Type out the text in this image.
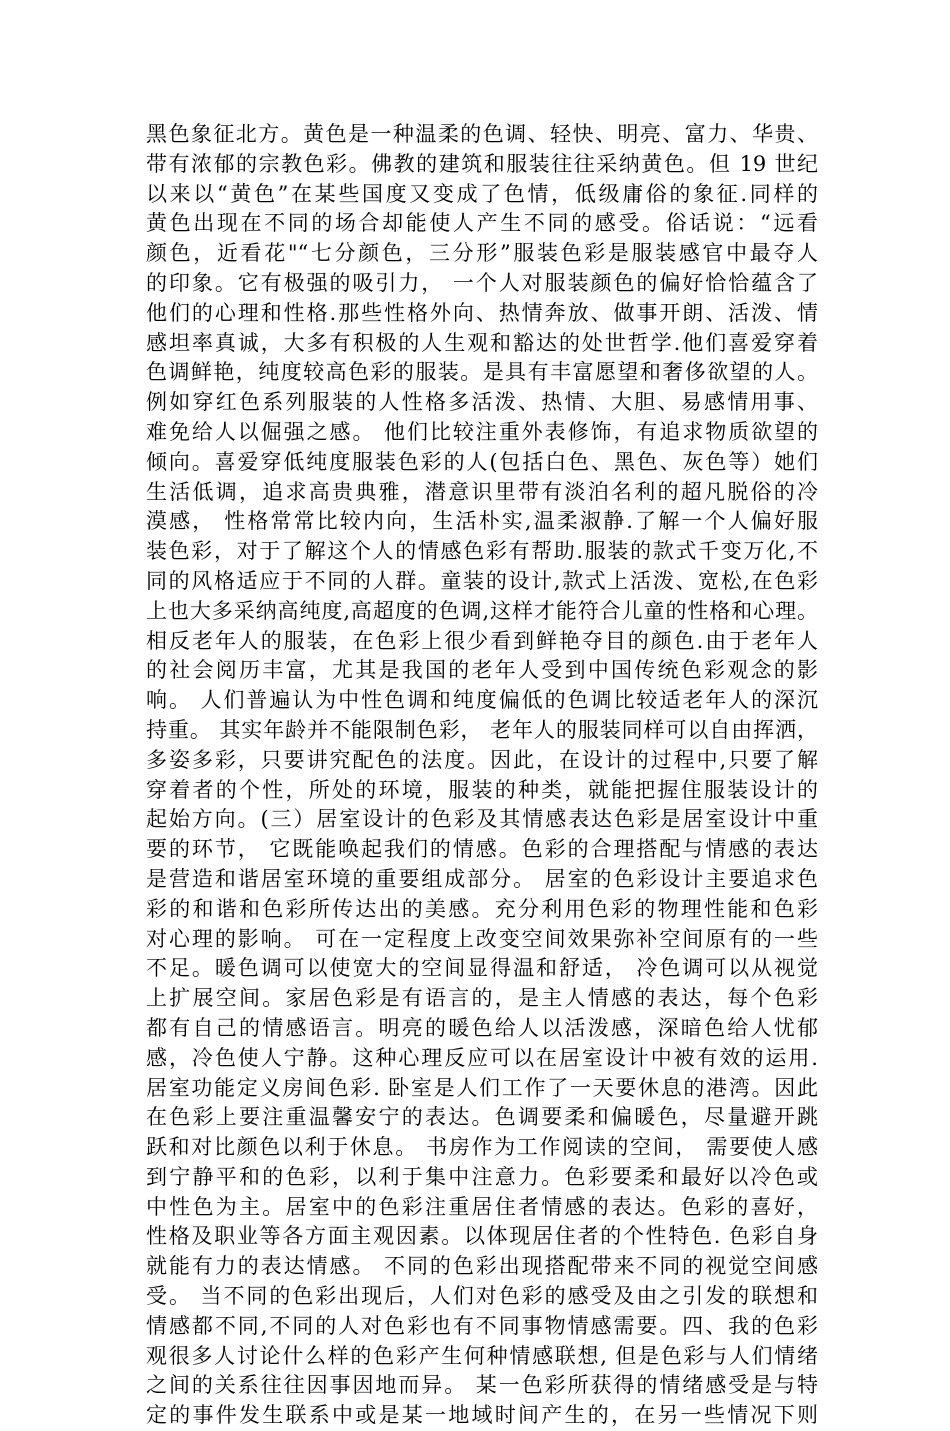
黑色象征北方。黄色是一种温柔的色调、轻快、明亮、富力、华贵、
带有浓郁的宗教色彩。佛教的建筑和服装往往采纳黄色。但 19 世纪
以来以“黄色”在某些国度又变成了色情，低级庸俗的象征.同样的
黄色出现在不同的场合却能使人产生不同的感受。俗话说：“远看
颜色，近看花"“七分颜色，三分形”服装色彩是服装感官中最夺人
的印象。它有极强的吸引力， 一个人对服装颜色的偏好恰恰蕴含了
他们的心理和性格.那些性格外向、热情奔放、做事开朗、活泼、情
感坦率真诚，大多有积极的人生观和豁达的处世哲学.他们喜爱穿着
色调鲜艳，纯度较高色彩的服装。是具有丰富愿望和奢侈欲望的人。
例如穿红色系列服装的人性格多活泼、热情、大胆、易感情用事、
难免给人以倔强之感。 他们比较注重外表修饰，有追求物质欲望的
倾向。喜爱穿低纯度服装色彩的人(包括白色、黑色、灰色等）她们
生活低调，追求高贵典雅，潜意识里带有淡泊名利的超凡脱俗的冷
漠感， 性格常常比较内向，生活朴实,温柔淑静.了解一个人偏好服
装色彩，对于了解这个人的情感色彩有帮助.服装的款式千变万化,不
同的风格适应于不同的人群。童装的设计,款式上活泼、宽松,在色彩
上也大多采纳高纯度,高超度的色调,这样才能符合儿童的性格和心理。
相反老年人的服装，在色彩上很少看到鲜艳夺目的颜色.由于老年人
的社会阅历丰富，尤其是我国的老年人受到中国传统色彩观念的影
响。 人们普遍认为中性色调和纯度偏低的色调比较适老年人的深沉
持重。 其实年龄并不能限制色彩， 老年人的服装同样可以自由挥洒，
多姿多彩，只要讲究配色的法度。因此，在设计的过程中,只要了解
穿着者的个性，所处的环境，服装的种类，就能把握住服装设计的
起始方向。(三）居室设计的色彩及其情感表达色彩是居室设计中重
要的环节， 它既能唤起我们的情感。色彩的合理搭配与情感的表达
是营造和谐居室环境的重要组成部分。 居室的色彩设计主要追求色
彩的和谐和色彩所传达出的美感。充分利用色彩的物理性能和色彩
对心理的影响。 可在一定程度上改变空间效果弥补空间原有的一些
不足。暖色调可以使宽大的空间显得温和舒适， 冷色调可以从视觉
上扩展空间。家居色彩是有语言的，是主人情感的表达，每个色彩
都有自己的情感语言。明亮的暖色给人以活泼感，深暗色给人忧郁
感，冷色使人宁静。这种心理反应可以在居室设计中被有效的运用.
居室功能定义房间色彩. 卧室是人们工作了一天要休息的港湾。因此
在色彩上要注重温馨安宁的表达。色调要柔和偏暖色，尽量避开跳
跃和对比颜色以利于休息。 书房作为工作阅读的空间， 需要使人感
到宁静平和的色彩，以利于集中注意力。色彩要柔和最好以冷色或
中性色为主。居室中的色彩注重居住者情感的表达。色彩的喜好，
性格及职业等各方面主观因素。以体现居住者的个性特色. 色彩自身
就能有力的表达情感。 不同的色彩出现搭配带来不同的视觉空间感
受。 当不同的色彩出现后，人们对色彩的感受及由之引发的联想和
情感都不同,不同的人对色彩也有不同事物情感需要。四、我的色彩
观很多人讨论什么样的色彩产生何种情感联想, 但是色彩与人们情绪
之间的关系往往因事因地而异。 某一色彩所获得的情绪感受是与特
定的事件发生联系中或是某一地域时间产生的，在另一些情况下则
